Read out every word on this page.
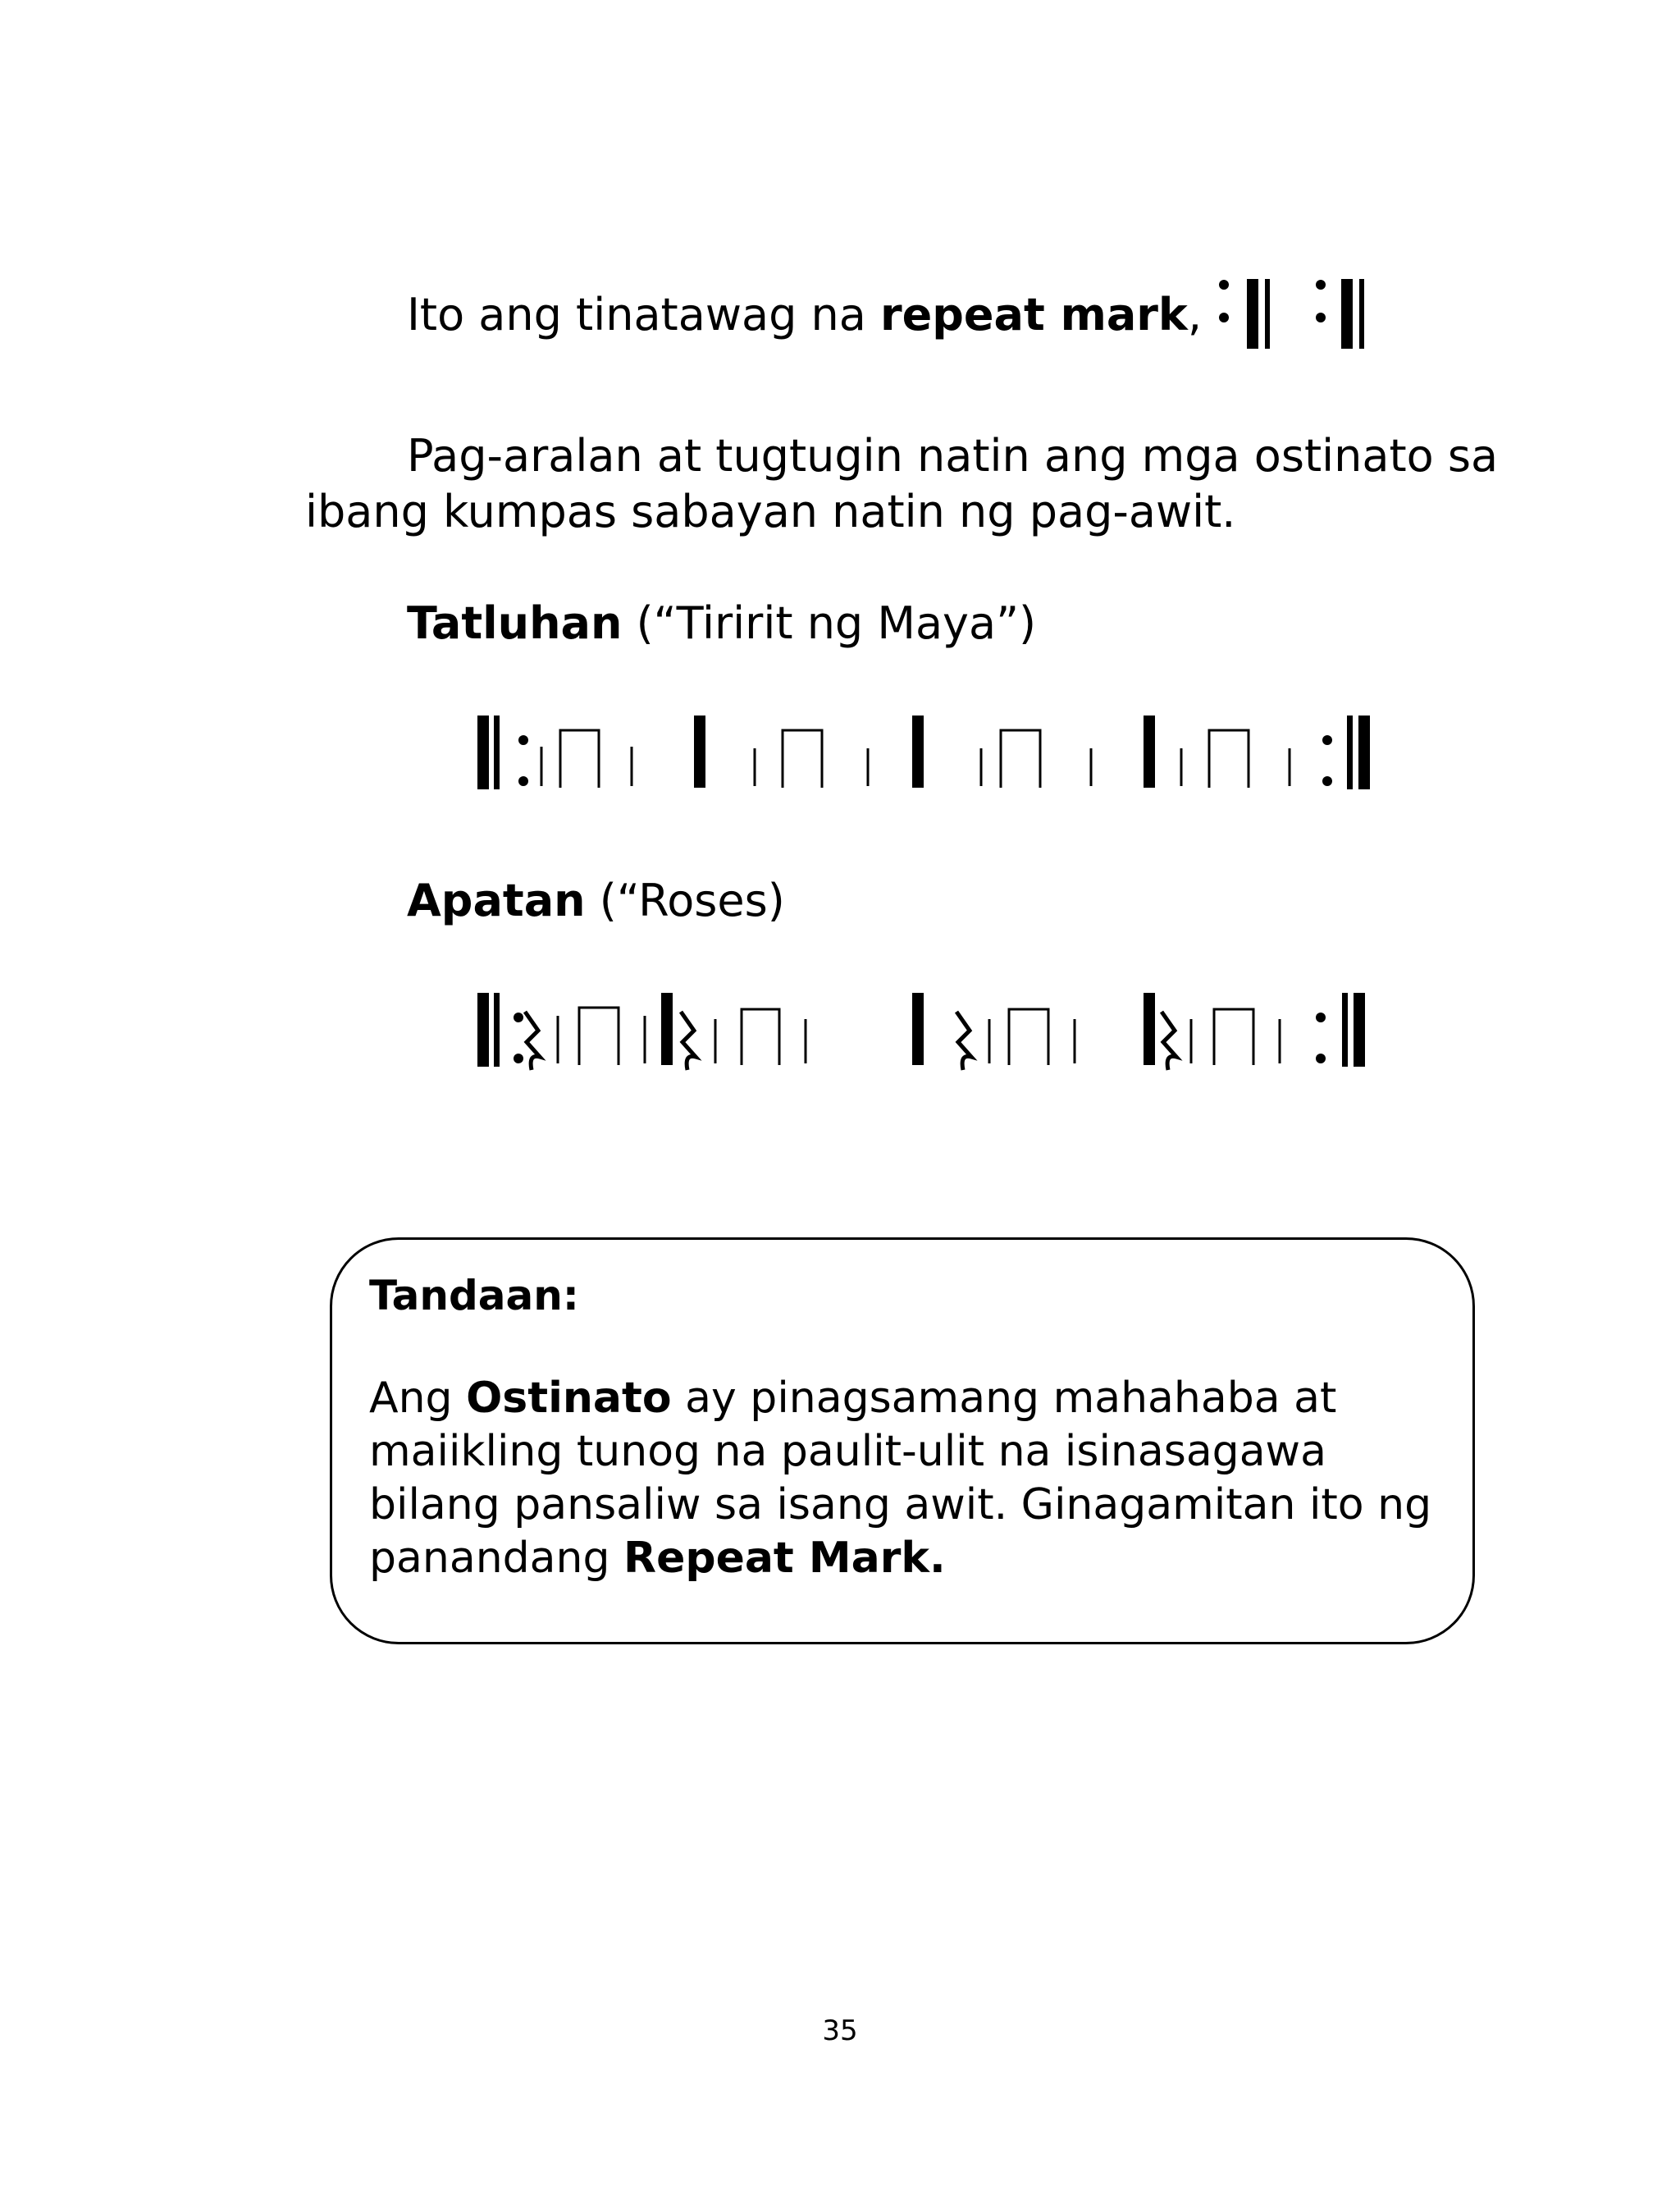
Ito ang tinatawag na repeat mark,
Pag-aralan at tugtugin natin ang mga ostinato sa
ibang kumpas sabayan natin ng pag-awit.
Tatluhan (“Tiririt ng Maya”)
Apatan (“Roses)
Tandaan:
Ang Ostinato ay pinagsamang mahahaba at maiikling tunog na paulit-ulit na isinasagawa bilang pansaliw sa isang awit. Ginagamitan ito ng panandang Repeat Mark.
35
